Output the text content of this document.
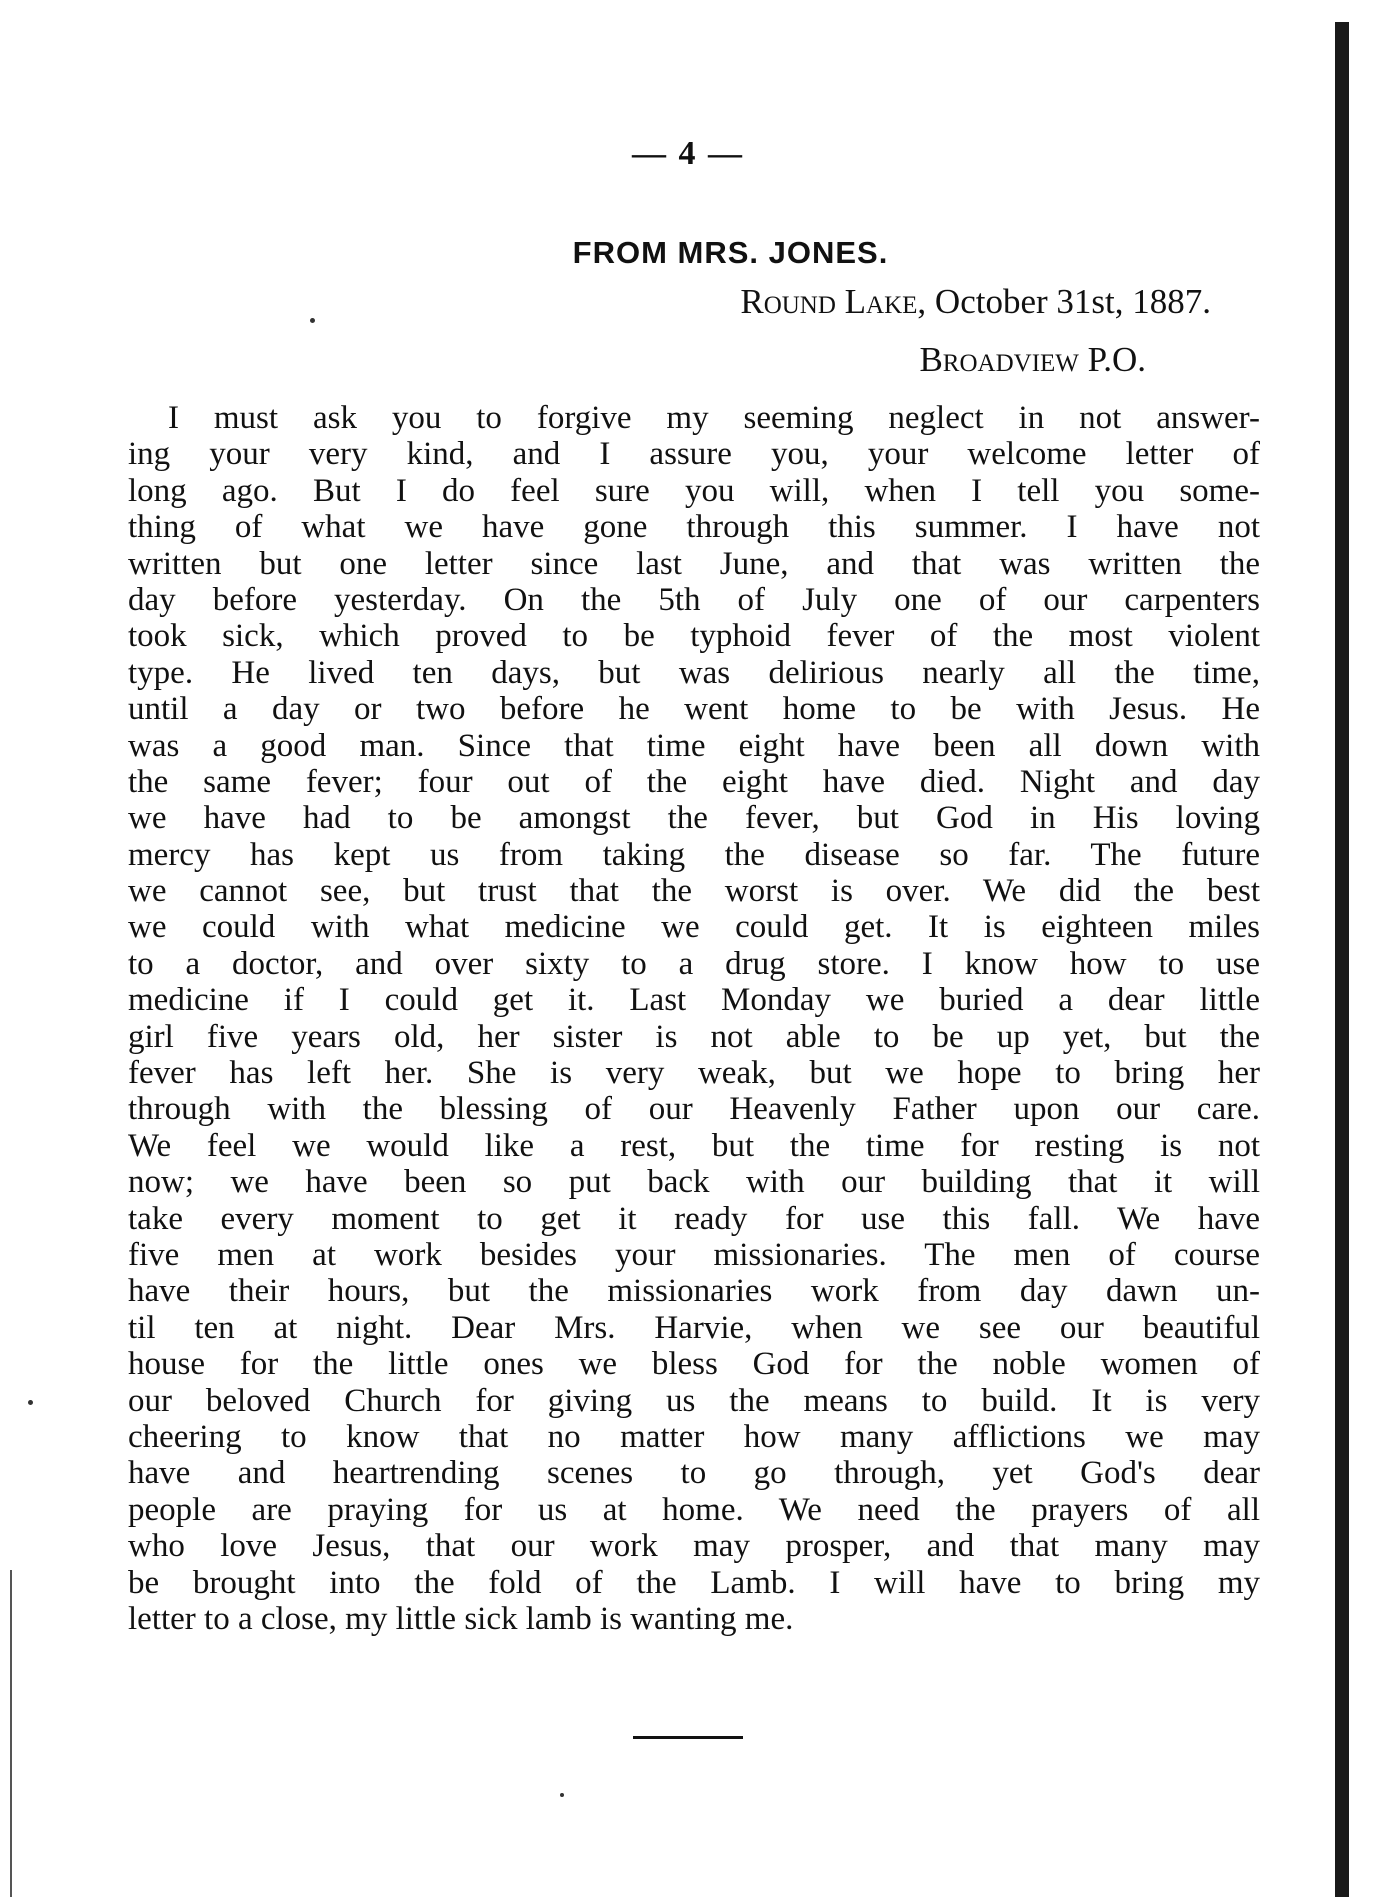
— 4 —
FROM MRS. JONES.
Round Lake, October 31st, 1887.
Broadview P.O.
I must ask you to forgive my seeming neglect in not answer-
ing your very kind, and I assure you, your welcome letter of
long ago. But I do feel sure you will, when I tell you some-
thing of what we have gone through this summer. I have not
written but one letter since last June, and that was written the
day before yesterday. On the 5th of July one of our carpenters
took sick, which proved to be typhoid fever of the most violent
type. He lived ten days, but was delirious nearly all the time,
until a day or two before he went home to be with Jesus. He
was a good man. Since that time eight have been all down with
the same fever; four out of the eight have died. Night and day
we have had to be amongst the fever, but God in His loving
mercy has kept us from taking the disease so far. The future
we cannot see, but trust that the worst is over. We did the best
we could with what medicine we could get. It is eighteen miles
to a doctor, and over sixty to a drug store. I know how to use
medicine if I could get it. Last Monday we buried a dear little
girl five years old, her sister is not able to be up yet, but the
fever has left her. She is very weak, but we hope to bring her
through with the blessing of our Heavenly Father upon our care.
We feel we would like a rest, but the time for resting is not
now; we have been so put back with our building that it will
take every moment to get it ready for use this fall. We have
five men at work besides your missionaries. The men of course
have their hours, but the missionaries work from day dawn un-
til ten at night. Dear Mrs. Harvie, when we see our beautiful
house for the little ones we bless God for the noble women of
our beloved Church for giving us the means to build. It is very
cheering to know that no matter how many afflictions we may
have and heartrending scenes to go through, yet God's dear
people are praying for us at home. We need the prayers of all
who love Jesus, that our work may prosper, and that many may
be brought into the fold of the Lamb. I will have to bring my
letter to a close, my little sick lamb is wanting me.
